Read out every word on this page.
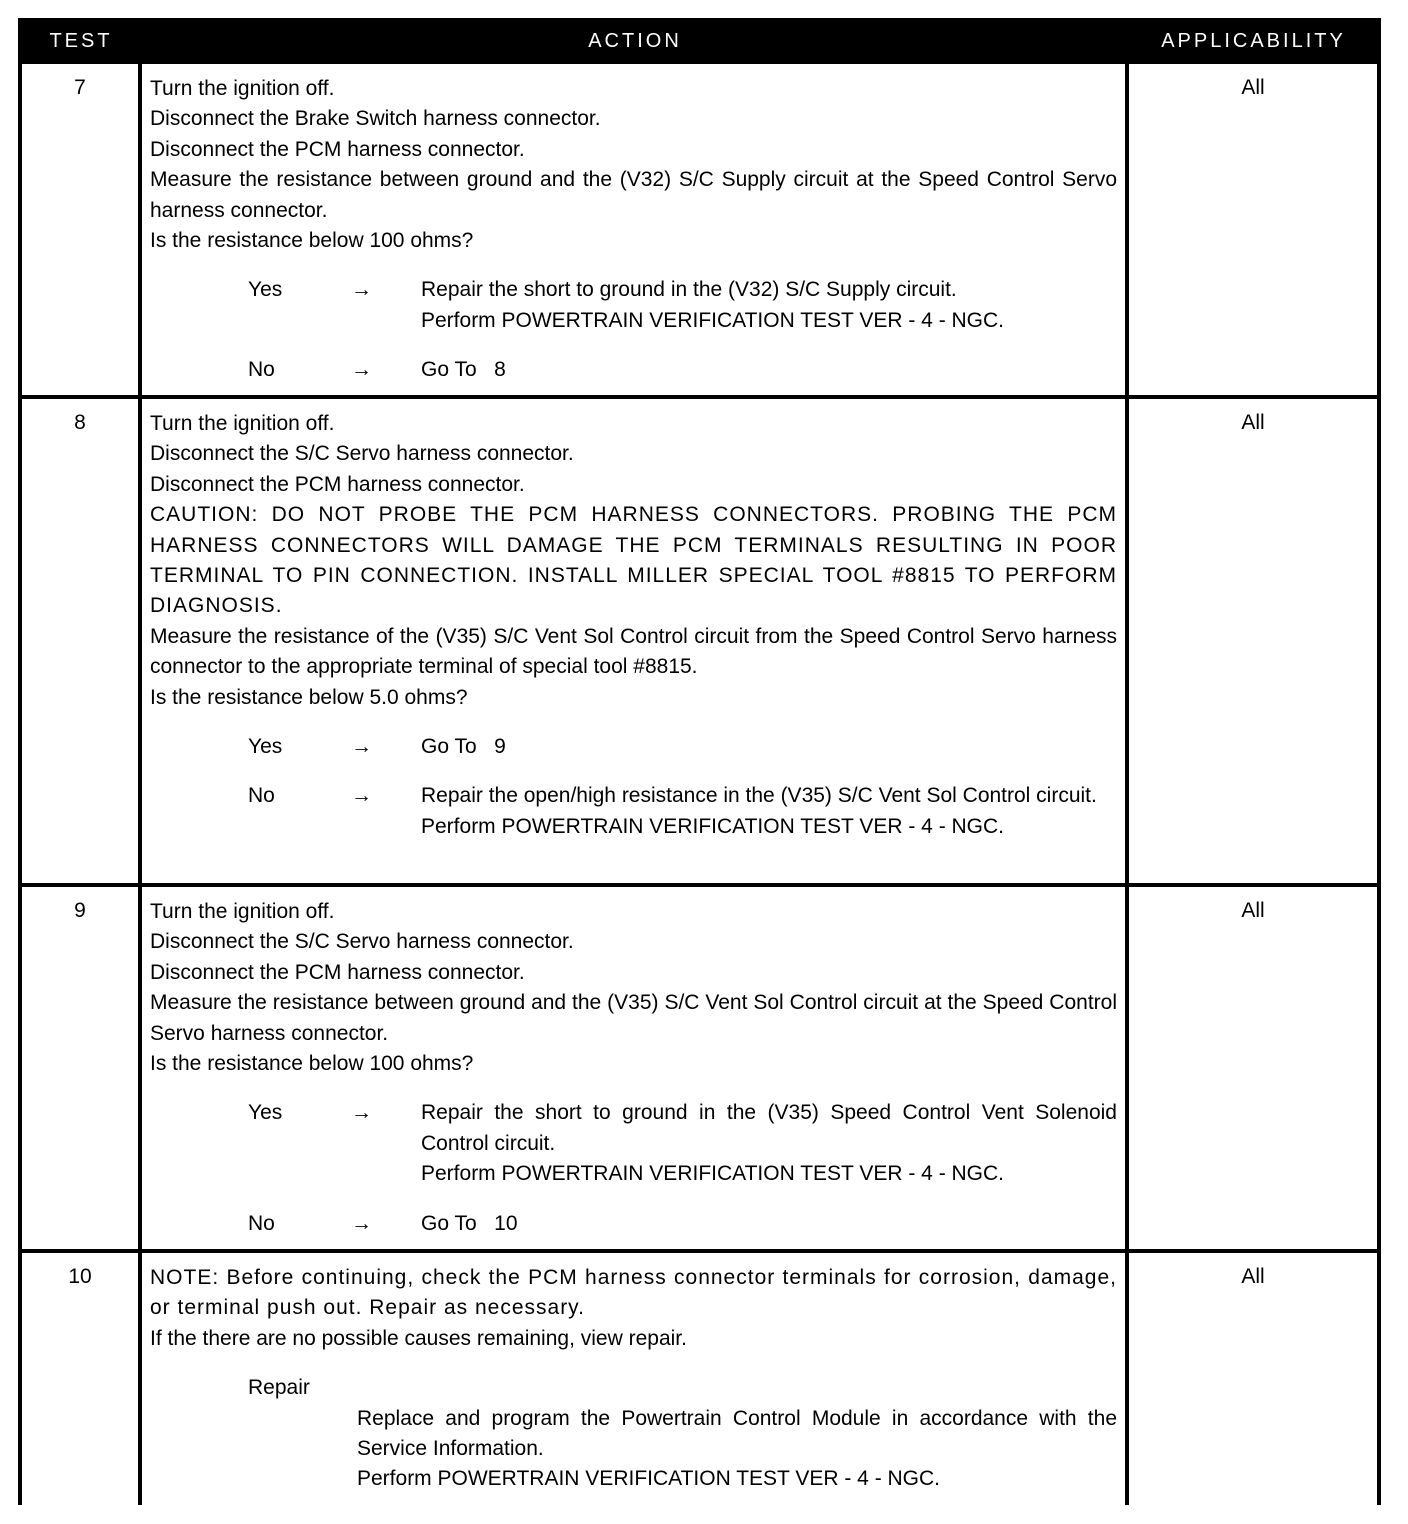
TEST	ACTION	APPLICABILITY
7	Turn the ignition off.

Disconnect the Brake Switch harness connector.

Disconnect the PCM harness connector.

Measure the resistance between ground and the (V32) S/C Supply circuit at the Speed Control Servo harness connector.

Is the resistance below 100 ohms?

Yes	→	Repair the short to ground in the (V32) S/C Supply circuit.

Perform POWERTRAIN VERIFICATION TEST VER - 4 - NGC.

No	→	Go To   8
All
8	Turn the ignition off.

Disconnect the S/C Servo harness connector.

Disconnect the PCM harness connector.

CAUTION: DO NOT PROBE THE PCM HARNESS CONNECTORS. PROBING THE PCM HARNESS CONNECTORS WILL DAMAGE THE PCM TERMINALS RESULTING IN POOR TERMINAL TO PIN CONNECTION. INSTALL MILLER SPECIAL TOOL #8815 TO PERFORM DIAGNOSIS.

Measure the resistance of the (V35) S/C Vent Sol Control circuit from the Speed Control Servo harness connector to the appropriate terminal of special tool #8815.

Is the resistance below 5.0 ohms?

Yes	→	Go To   9
No	→	Repair the open/high resistance in the (V35) S/C Vent Sol Control circuit.

Perform POWERTRAIN VERIFICATION TEST VER - 4 - NGC.

All
9	Turn the ignition off.

Disconnect the S/C Servo harness connector.

Disconnect the PCM harness connector.

Measure the resistance between ground and the (V35) S/C Vent Sol Control circuit at the Speed Control Servo harness connector.

Is the resistance below 100 ohms?

Yes	→	Repair the short to ground in the (V35) Speed Control Vent Solenoid Control circuit.

Perform POWERTRAIN VERIFICATION TEST VER - 4 - NGC.

No	→	Go To   10
All
10	NOTE: Before continuing, check the PCM harness connector terminals for corrosion, damage, or terminal push out. Repair as necessary.

If the there are no possible causes remaining, view repair.

Repair

Replace and program the Powertrain Control Module in accordance with the Service Information.

Perform POWERTRAIN VERIFICATION TEST VER - 4 - NGC.

All
